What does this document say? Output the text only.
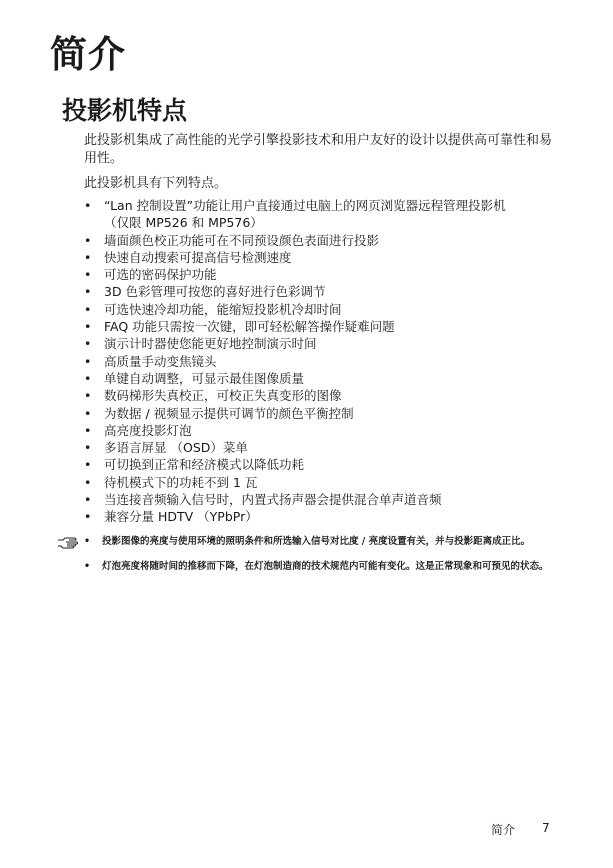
简介
投影机特点

此投影机集成了高性能的光学引擎投影技术和用户友好的设计以提供高可靠性和易用性。

此投影机具有下列特点。

• “Lan 控制设置”功能让用户直接通过电脑上的网页浏览器远程管理投影机
（仅限 MP526 和 MP576）
• 墙面颜色校正功能可在不同预设颜色表面进行投影
• 快速自动搜索可提高信号检测速度
• 可选的密码保护功能
• 3D 色彩管理可按您的喜好进行色彩调节
• 可选快速冷却功能，能缩短投影机冷却时间
• FAQ 功能只需按一次键，即可轻松解答操作疑难问题
• 演示计时器使您能更好地控制演示时间
• 高质量手动变焦镜头
• 单键自动调整，可显示最佳图像质量
• 数码梯形失真校正，可校正失真变形的图像
• 为数据 / 视频显示提供可调节的颜色平衡控制
• 高亮度投影灯泡
• 多语言屏显 （OSD）菜单
• 可切换到正常和经济模式以降低功耗
• 待机模式下的功耗不到 1 瓦
• 当连接音频输入信号时，内置式扬声器会提供混合单声道音频
• 兼容分量 HDTV （YPbPr）
• 投影图像的亮度与使用环境的照明条件和所选输入信号对比度 / 亮度设置有关，并与投影距离成正比。
• 灯泡亮度将随时间的推移而下降，在灯泡制造商的技术规范内可能有变化。这是正常现象和可预见的状态。
简介 7
